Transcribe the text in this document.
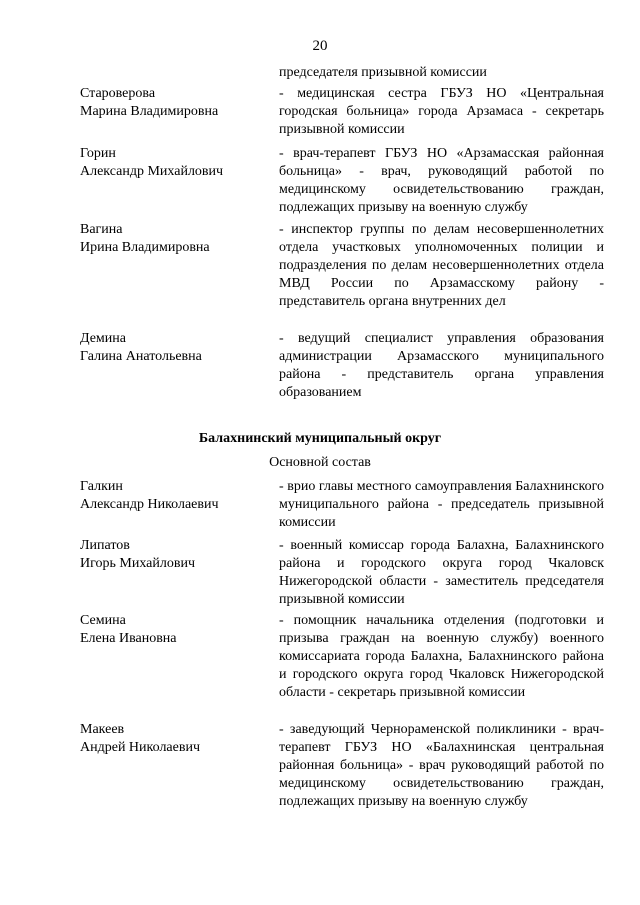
20
председателя призывной комиссии
Староверова
Марина Владимировна
- медицинская сестра ГБУЗ НО «Центральная городская больница» города Арзамаса - секретарь призывной комиссии
Горин
Александр Михайлович
- врач-терапевт ГБУЗ НО «Арзамасская районная больница» - врач, руководящий работой по медицинскому освидетельствованию граждан, подлежащих призыву на военную службу
Вагина
Ирина Владимировна
- инспектор группы по делам несовершеннолетних отдела участковых уполномоченных полиции и подразделения по делам несовершеннолетних отдела МВД России по Арзамасскому району - представитель органа внутренних дел
Демина
Галина Анатольевна
- ведущий специалист управления образования администрации Арзамасского муниципального района - представитель органа управления образованием
Балахнинский муниципальный округ
Основной состав
Галкин
Александр Николаевич
- врио главы местного самоуправления Балахнинского муниципального района - председатель призывной комиссии
Липатов
Игорь Михайлович
- военный комиссар города Балахна, Балахнинского района и городского округа город Чкаловск Нижегородской области - заместитель председателя призывной комиссии
Семина
Елена Ивановна
- помощник начальника отделения (подготовки и призыва граждан на военную службу) военного комиссариата города Балахна, Балахнинского района и городского округа город Чкаловск Нижегородской области - секретарь призывной комиссии
Макеев
Андрей Николаевич
- заведующий Чернораменской поликлиники - врач-терапевт ГБУЗ НО «Балахнинская центральная районная больница» - врач руководящий работой по медицинскому освидетельствованию граждан, подлежащих призыву на военную службу
